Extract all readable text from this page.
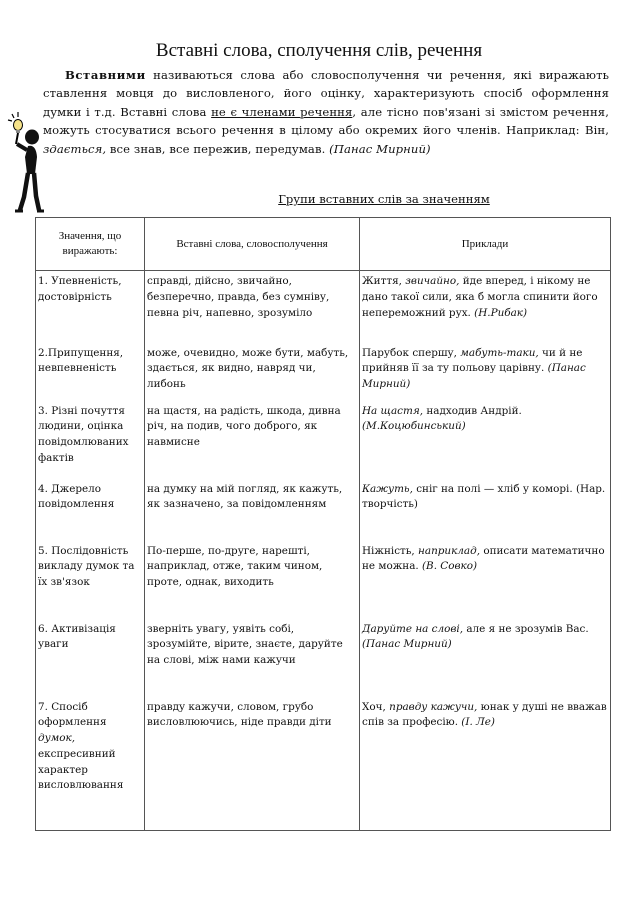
Вставні слова, сполучення слів, речення

Вставними називаються слова або словосполучення чи речення, які виражають ставлення мовця до висловленого, його оцінку, характеризують спосіб оформлення думки і т.д. Вставні слова не є членами речення, але тісно пов'язані зі змістом речення, можуть стосуватися всього речення в цілому або окремих його членів. Наприклад: Він, здається, все знав, все пережив, передумав. (Панас Мирний)

Групи вставних слів за значенням
Значення, що виражають:	Вставні слова, словосполучення	Приклади
1. Упевненість, достовірність	справді, дійсно, звичайно, безперечно, правда, без сумніву, певна річ, напевно, зрозуміло	Життя, звичайно, йде вперед, і нікому не дано такої сили, яка б могла спинити його непереможний рух. (Н.Рибак)
2.Припущення, невпевненість	може, очевидно, може бути, мабуть, здається, як видно, навряд чи, либонь	Парубок спершу, мабуть-таки, чи й не прийняв її за ту польову царівну. (Панас Мирний)
3. Різні почуття людини, оцінка повідомлюваних фактів	на щастя, на радість, шкода, дивна річ, на подив, чого доброго, як навмисне	На щастя, надходив Андрій. (М.Коцюбинський)
4. Джерело повідомлення	на думку на мій погляд, як кажуть, як зазначено, за повідомленням	Кажуть, сніг на полі — хліб у коморі. (Нар. творчість)
5. Послідовність викладу думок та їх зв'язок	По-перше, по-друге, нарешті, наприклад, отже, таким чином, проте, однак, виходить	Ніжність, наприклад, описати математично не можна. (В. Совко)
6. Активізація уваги	зверніть увагу, уявіть собі, зрозумійте, вірите, знаєте, даруйте на слові, між нами кажучи	Даруйте на слові, але я не зрозумів Вас. (Панас Мирний)
7. Спосіб оформлення думок, експресивний характер висловлювання	правду кажучи, словом, грубо висловлюючись, ніде правди діти	Хоч, правду кажучи, юнак у душі не вважав спів за професію. (І. Ле)
